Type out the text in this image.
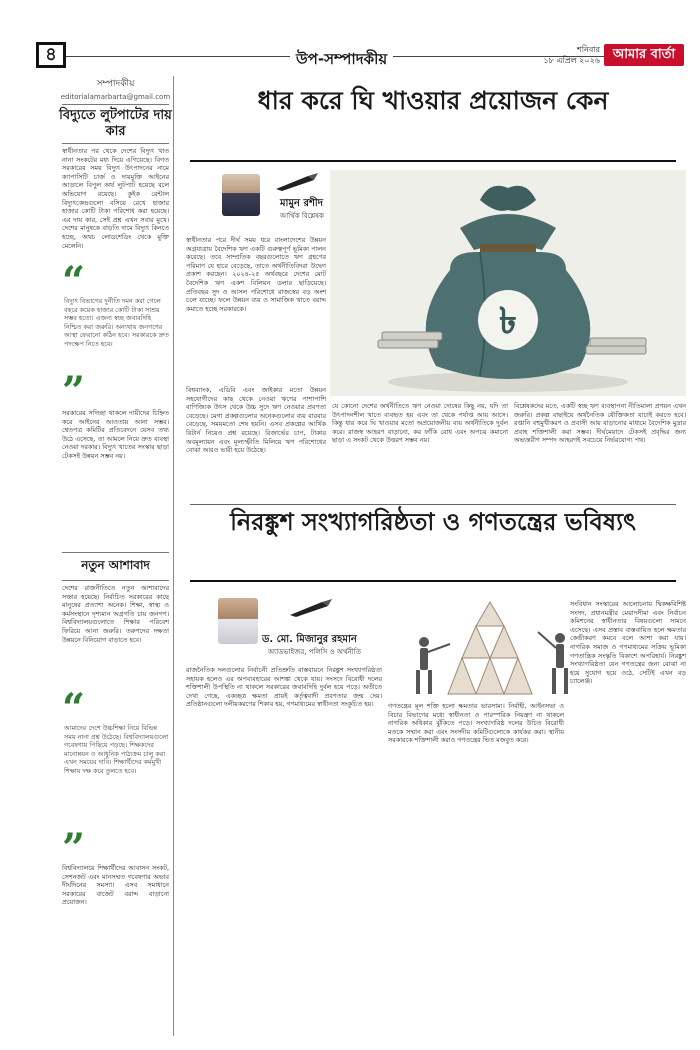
৪	উপ-সম্পাদকীয়
শনিবার
১৮ এপ্রিল ২০২৬ আমার বার্তা
সম্পাদকীয়
editorialamarbarta@gmail.com
বিদ্যুতে লুটপাটের দায় কার
স্বাধীনতার পর থেকে দেশের বিদ্যুৎ খাত নানা সংকটের মধ্য দিয়ে এগিয়েছে। বিগত সরকারের সময় বিদ্যুৎ উৎপাদনের নামে ক্যাপাসিটি চার্জ ও দায়মুক্তি আইনের আড়ালে বিপুল অর্থ লুটপাট হয়েছে বলে অভিযোগ রয়েছে। কুইক রেন্টাল বিদ্যুৎকেন্দ্রগুলো বসিয়ে রেখে হাজার হাজার কোটি টাকা পরিশোধ করা হয়েছে। এর দায় কার, সেই প্রশ্ন এখন সবার মুখে। দেশের মানুষকে বাড়তি দামে বিদ্যুৎ কিনতে হচ্ছে, অথচ লোডশেডিং থেকে মুক্তি মেলেনি।
“
বিদ্যুৎ বিভাগের দুর্নীতি দমন করা গেলে বছরে কয়েক হাজার কোটি টাকা সাশ্রয় সম্ভব হতো। এজন্য স্বচ্ছ জবাবদিহি নিশ্চিত করা জরুরি। অন্যথায় জনগণের আস্থা ফেরানো কঠিন হবে। সরকারকে দ্রুত পদক্ষেপ নিতে হবে।
”
সরকারের সদিচ্ছা থাকলে দায়ীদের চিহ্নিত করে আইনের আওতায় আনা সম্ভব। শ্বেতপত্র কমিটির প্রতিবেদনে যেসব তথ্য উঠে এসেছে, তা আমলে নিয়ে দ্রুত ব্যবস্থা নেওয়া দরকার। বিদ্যুৎ খাতের সংস্কার ছাড়া টেকসই উন্নয়ন সম্ভব নয়।
নতুন আশাবাদ
দেশের রাজনীতিতে নতুন আশাবাদের সঞ্চার হয়েছে। নির্বাচিত সরকারের কাছে মানুষের প্রত্যাশা অনেক। শিক্ষা, স্বাস্থ্য ও কর্মসংস্থানে দৃশ্যমান অগ্রগতি চায় জনগণ। বিশ্ববিদ্যালয়গুলোতে শিক্ষার পরিবেশ ফিরিয়ে আনা জরুরি। তরুণদের দক্ষতা উন্নয়নে বিনিয়োগ বাড়াতে হবে।
“
আমাদের দেশে উচ্চশিক্ষা নিয়ে বিভিন্ন সময় নানা প্রশ্ন উঠেছে। বিশ্ববিদ্যালয়গুলো গবেষণায় পিছিয়ে পড়ছে। শিক্ষকদের মানোন্নয়ন ও আধুনিক পাঠ্যক্রম চালু করা এখন সময়ের দাবি। শিক্ষার্থীদের কর্মমুখী শিক্ষায় দক্ষ করে তুলতে হবে।
”
বিশ্ববিদ্যালয়ে শিক্ষার্থীদের আবাসন সংকট, সেশনজট এবং মানসম্মত গবেষণার অভাব দীর্ঘদিনের সমস্যা। এসব সমাধানে সরকারের বাজেট বরাদ্দ বাড়ানো প্রয়োজন।
ধার করে ঘি খাওয়ার প্রয়োজন কেন
মামুন রশীদ
আর্থিক বিশ্লেষক
৳
স্বাধীনতার পরে দীর্ঘ সময় ধরে বাংলাদেশের উন্নয়ন অগ্রযাত্রায় বৈদেশিক ঋণ একটি গুরুত্বপূর্ণ ভূমিকা পালন করেছে। তবে সাম্প্রতিক বছরগুলোতে ঋণ গ্রহণের পরিমাণ যে হারে বেড়েছে, তাতে অর্থনীতিবিদরা উদ্বেগ প্রকাশ করছেন। ২০২৪-২৫ অর্থবছরে দেশের মোট বৈদেশিক ঋণ একশ বিলিয়ন ডলার ছাড়িয়েছে। প্রতিবছর সুদ ও আসল পরিশোধে রাজস্বের বড় অংশ চলে যাচ্ছে। ফলে উন্নয়ন ব্যয় ও সামাজিক খাতে বরাদ্দ কমাতে হচ্ছে সরকারকে।
বিশ্বব্যাংক, এডিবি এবং জাইকার মতো উন্নয়ন সহযোগীদের কাছ থেকে নেওয়া ঋণের পাশাপাশি বাণিজ্যিক উৎস থেকে উচ্চ সুদে ঋণ নেওয়ার প্রবণতা বেড়েছে। মেগা প্রকল্পগুলোর অনেকগুলোর ব্যয় বারবার বেড়েছে, সময়মতো শেষ হয়নি। এসব প্রকল্পের আর্থিক রিটার্ন নিয়েও প্রশ্ন রয়েছে। রিজার্ভের চাপ, টাকার অবমূল্যায়ন এবং মূল্যস্ফীতি মিলিয়ে ঋণ পরিশোধের বোঝা আরও ভারী হয়ে উঠেছে।
যে কোনো দেশের অর্থনীতিতে ঋণ নেওয়া দোষের কিছু নয়, যদি তা উৎপাদনশীল খাতে ব্যবহৃত হয় এবং তা থেকে পর্যাপ্ত আয় আসে। কিন্তু ধার করে ঘি খাওয়ার মতো অপ্রয়োজনীয় ব্যয় অর্থনীতিকে দুর্বল করে। রাজস্ব আহরণ বাড়ানো, কর ফাঁকি রোধ এবং অপচয় কমানো ছাড়া এ সংকট থেকে উত্তরণ সম্ভব নয়।
বিশ্লেষকদের মতে, একটি স্বচ্ছ ঋণ ব্যবস্থাপনা নীতিমালা প্রণয়ন এখন জরুরি। প্রকল্প বাছাইয়ে অর্থনৈতিক যৌক্তিকতা যাচাই করতে হবে। রপ্তানি বহুমুখীকরণ ও প্রবাসী আয় বাড়ানোর মাধ্যমে বৈদেশিক মুদ্রার প্রবাহ শক্তিশালী করা সম্ভব। দীর্ঘমেয়াদে টেকসই প্রবৃদ্ধির জন্য অভ্যন্তরীণ সম্পদ আহরণই সবচেয়ে নির্ভরযোগ্য পথ।
নিরঙ্কুশ সংখ্যাগরিষ্ঠতা ও গণতন্ত্রের ভবিষ্যৎ
ড. মো. মিজানুর রহমান
অ্যাডভাইজর, পলিসি ও অর্থনীতি
রাজনৈতিক দলগুলোর নির্বাচনী প্রতিশ্রুতি বাস্তবায়নে নিরঙ্কুশ সংখ্যাগরিষ্ঠতা সহায়ক হলেও এর অপব্যবহারের আশঙ্কা থেকে যায়। সংসদে বিরোধী দলের শক্তিশালী উপস্থিতি না থাকলে সরকারের জবাবদিহি দুর্বল হয়ে পড়ে। অতীতে দেখা গেছে, একচ্ছত্র ক্ষমতা প্রায়ই কর্তৃত্ববাদী প্রবণতার জন্ম দেয়। প্রতিষ্ঠানগুলো দলীয়করণের শিকার হয়, গণমাধ্যমের স্বাধীনতা সংকুচিত হয়।	গণতন্ত্রের মূল শক্তি হলো ক্ষমতার ভারসাম্য। নির্বাহী, আইনসভা ও বিচার বিভাগের মধ্যে স্বাধীনতা ও পারস্পরিক নিয়ন্ত্রণ না থাকলে নাগরিক অধিকার ঝুঁকিতে পড়ে। সংখ্যাগরিষ্ঠ দলের উচিত বিরোধী মতকে সম্মান করা এবং সংসদীয় কমিটিগুলোকে কার্যকর করা। স্থানীয় সরকারকে শক্তিশালী করাও গণতন্ত্রের ভিত মজবুত করে।
সংবিধান সংস্কারের আলোচনায় দ্বিকক্ষবিশিষ্ট সংসদ, প্রধানমন্ত্রীর মেয়াদসীমা এবং নির্বাচন কমিশনের স্বাধীনতার বিষয়গুলো সামনে এসেছে। এসব প্রস্তাব বাস্তবায়িত হলে ক্ষমতার কেন্দ্রীকরণ কমবে বলে আশা করা যায়। নাগরিক সমাজ ও গণমাধ্যমের সক্রিয় ভূমিকা গণতান্ত্রিক সংস্কৃতি বিকাশে অপরিহার্য। নিরঙ্কুশ সংখ্যাগরিষ্ঠতা যেন গণতন্ত্রের জন্য বোঝা না হয়ে সুযোগ হয়ে ওঠে, সেটিই এখন বড় চ্যালেঞ্জ।
